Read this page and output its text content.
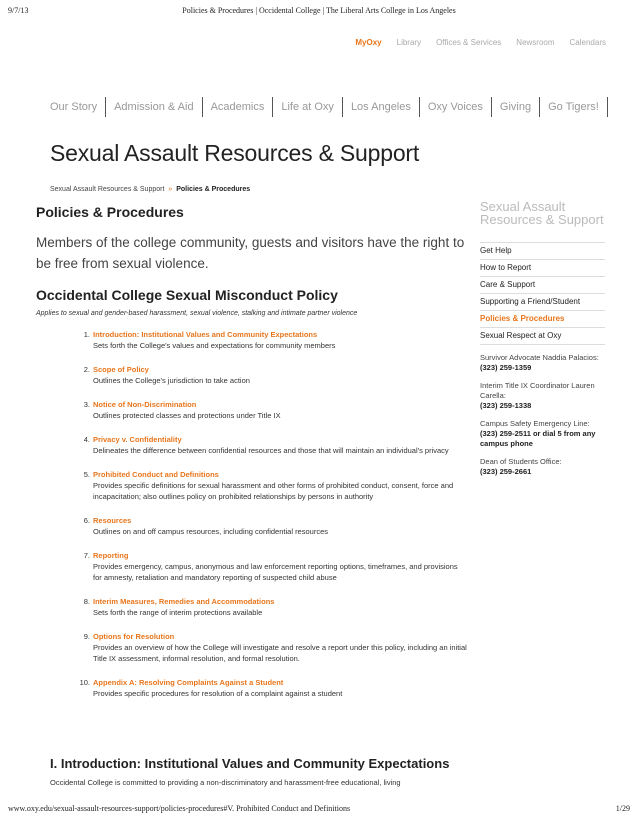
9/7/13	Policies & Procedures | Occidental College | The Liberal Arts College in Los Angeles
MyOxy Library Offices & Services Newsroom Calendars
Our Story	Admission & Aid	Academics	Life at Oxy	Los Angeles	Oxy Voices	Giving	Go Tigers!
Sexual Assault Resources & Support
Sexual Assault Resources & Support » Policies & Procedures
Policies & Procedures

Members of the college community, guests and visitors have the right to be free from sexual violence.

Occidental College Sexual Misconduct Policy

Applies to sexual and gender-based harassment, sexual violence, stalking and intimate partner violence

1. Introduction: Institutional Values and Community Expectations
Sets forth the College's values and expectations for community members
2. Scope of Policy
Outlines the College's jurisdiction to take action
3. Notice of Non-Discrimination
Outlines protected classes and protections under Title IX
4. Privacy v. Confidentiality
Delineates the difference between confidential resources and those that will maintain an individual's privacy
5. Prohibited Conduct and Definitions
Provides specific definitions for sexual harassment and other forms of prohibited conduct, consent, force and incapacitation; also outlines policy on prohibited relationships by persons in authority
6. Resources
Outlines on and off campus resources, including confidential resources
7. Reporting
Provides emergency, campus, anonymous and law enforcement reporting options, timeframes, and provisions for amnesty, retaliation and mandatory reporting of suspected child abuse
8. Interim Measures, Remedies and Accommodations
Sets forth the range of interim protections available
9. Options for Resolution
Provides an overview of how the College will investigate and resolve a report under this policy, including an initial Title IX assessment, informal resolution, and formal resolution.
10. Appendix A: Resolving Complaints Against a Student
Provides specific procedures for resolution of a complaint against a student
I. Introduction: Institutional Values and Community Expectations

Occidental College is committed to providing a non-discriminatory and harassment-free educational, living

Sexual Assault Resources & Support
Get Help
How to Report
Care & Support
Supporting a Friend/Student
Policies & Procedures
Sexual Respect at Oxy
Survivor Advocate Naddia Palacios:
(323) 259-1359
Interim Title IX Coordinator Lauren Carella:
(323) 259-1338
Campus Safety Emergency Line:
(323) 259-2511 or dial 5 from any campus phone
Dean of Students Office:
(323) 259-2661
www.oxy.edu/sexual-assault-resources-support/policies-procedures#V. Prohibited Conduct and Definitions	1/29
